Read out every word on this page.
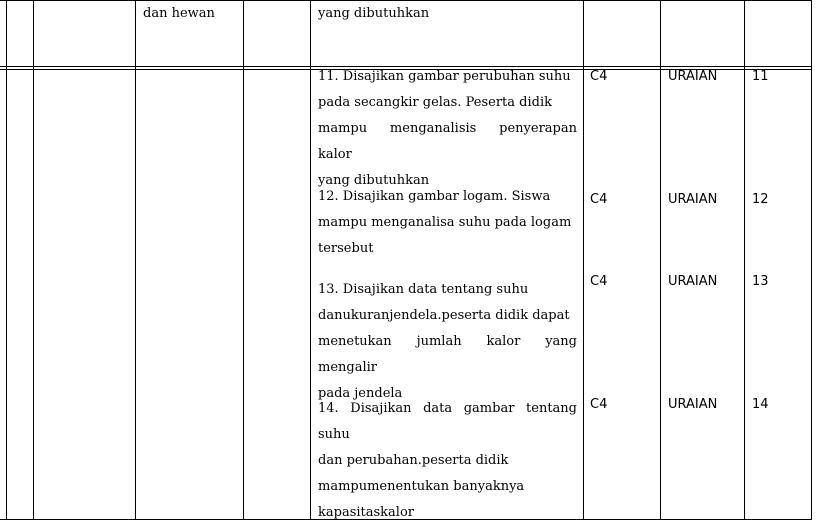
dan hewan	yang dibutuhkan
11. Disajikan gambar perubuhan suhu
pada secangkir gelas. Peserta didik
mampu menganalisis penyerapan kalor
yang dibutuhkan
C4	URAIAN	11
12. Disajikan gambar logam. Siswa
mampu menganalisa suhu pada logam
tersebut
C4	URAIAN	12
13. Disajikan data tentang suhu
danukuranjendela.peserta didik dapat
menetukan jumlah kalor yang mengalir
pada jendela
C4	URAIAN	13
14. Disajikan data gambar tentang suhu
dan perubahan.peserta didik
mampumenentukan banyaknya
kapasitaskalor
C4	URAIAN	14
